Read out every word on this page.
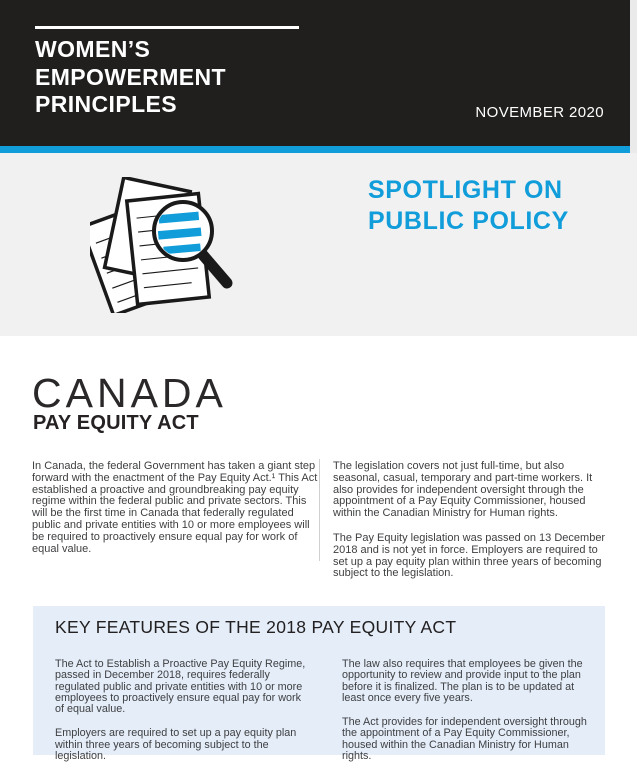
WOMEN’S
EMPOWERMENT
PRINCIPLES	NOVEMBER 2020
SPOTLIGHT ON
PUBLIC POLICY
CANADA
PAY EQUITY ACT

In Canada, the federal Government has taken a giant step forward with the enactment of the Pay Equity Act.¹ This Act established a proactive and groundbreaking pay equity regime within the federal public and private sectors. This will be the first time in Canada that federally regulated public and private entities with 10 or more employees will be required to proactively ensure equal pay for work of equal value.

The legislation covers not just full-time, but also seasonal, casual, temporary and part-time workers. It also provides for independent oversight through the appointment of a Pay Equity Commissioner, housed within the Canadian Ministry for Human rights.

The Pay Equity legislation was passed on 13 December 2018 and is not yet in force. Employers are required to set up a pay equity plan within three years of becoming subject to the legislation.

KEY FEATURES OF THE 2018 PAY EQUITY ACT

The Act to Establish a Proactive Pay Equity Regime, passed in December 2018, requires federally regulated public and private entities with 10 or more employees to proactively ensure equal pay for work of equal value.

Employers are required to set up a pay equity plan within three years of becoming subject to the legislation.

The law also requires that employees be given the opportunity to review and provide input to the plan before it is finalized. The plan is to be updated at least once every five years.

The Act provides for independent oversight through the appointment of a Pay Equity Commissioner, housed within the Canadian Ministry for Human rights.
